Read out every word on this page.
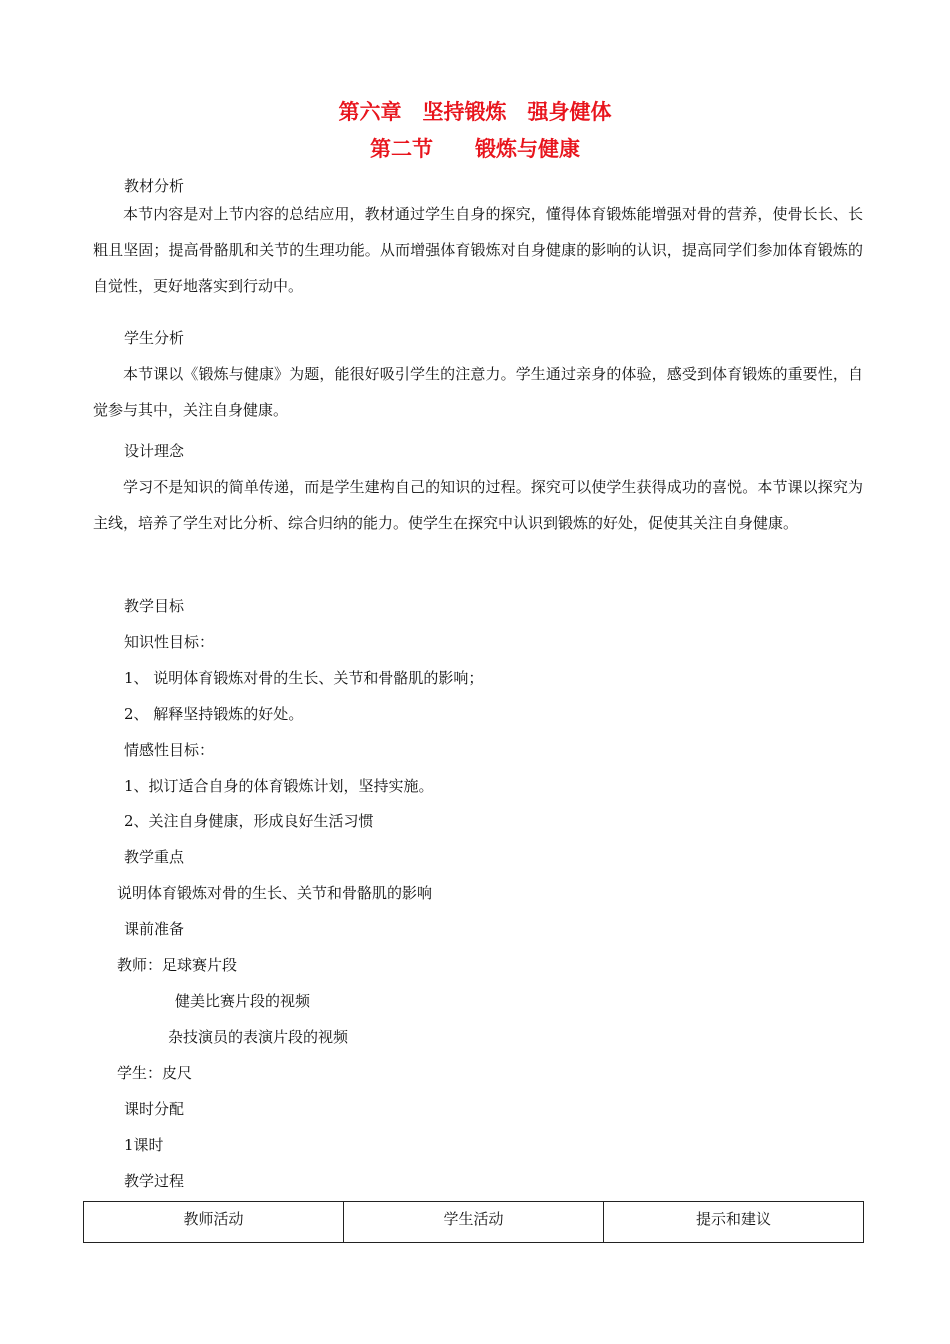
第六章　坚持锻炼　强身健体
第二节　　锻炼与健康
教材分析
本节内容是对上节内容的总结应用，教材通过学生自身的探究，懂得体育锻炼能增强对骨的营养，使骨长长、长粗且坚固；提高骨骼肌和关节的生理功能。从而增强体育锻炼对自身健康的影响的认识，提高同学们参加体育锻炼的自觉性，更好地落实到行动中。
学生分析
本节课以《锻炼与健康》为题，能很好吸引学生的注意力。学生通过亲身的体验，感受到体育锻炼的重要性，自觉参与其中，关注自身健康。
设计理念
学习不是知识的简单传递，而是学生建构自己的知识的过程。探究可以使学生获得成功的喜悦。本节课以探究为主线，培养了学生对比分析、综合归纳的能力。使学生在探究中认识到锻炼的好处，促使其关注自身健康。
教学目标
知识性目标：
1、 说明体育锻炼对骨的生长、关节和骨骼肌的影响；
2、 解释坚持锻炼的好处。
情感性目标：
1、拟订适合自身的体育锻炼计划，坚持实施。
2、关注自身健康，形成良好生活习惯
教学重点
说明体育锻炼对骨的生长、关节和骨骼肌的影响
课前准备
教师：足球赛片段
健美比赛片段的视频
杂技演员的表演片段的视频
学生：皮尺
课时分配
1课时
教学过程
教师活动	学生活动	提示和建议
